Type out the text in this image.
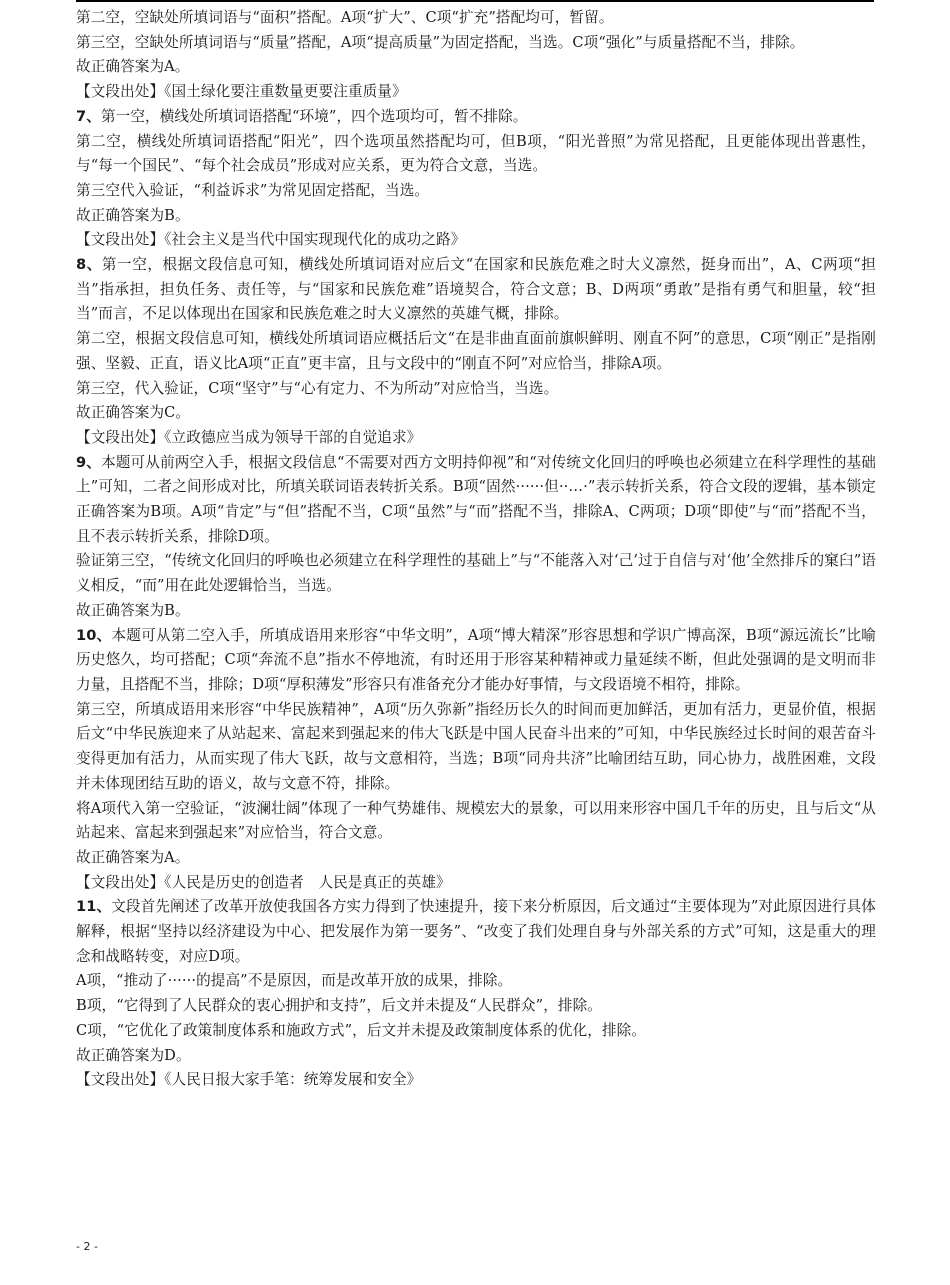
第二空，空缺处所填词语与“面积”搭配。A项“扩大”、C项“扩充”搭配均可，暂留。

第三空，空缺处所填词语与“质量”搭配，A项“提高质量”为固定搭配，当选。C项“强化”与质量搭配不当，排除。

故正确答案为A。

【文段出处】《国土绿化要注重数量更要注重质量》

7、第一空，横线处所填词语搭配“环境”，四个选项均可，暂不排除。

第二空，横线处所填词语搭配“阳光”，四个选项虽然搭配均可，但B项，“阳光普照”为常见搭配，且更能体现出普惠性，与“每一个国民”、“每个社会成员”形成对应关系，更为符合文意，当选。

第三空代入验证，“利益诉求”为常见固定搭配，当选。

故正确答案为B。

【文段出处】《社会主义是当代中国实现现代化的成功之路》

8、第一空，根据文段信息可知，横线处所填词语对应后文“在国家和民族危难之时大义凛然，挺身而出”，A、C两项“担当”指承担，担负任务、责任等，与“国家和民族危难”语境契合，符合文意；B、D两项“勇敢”是指有勇气和胆量，较“担当”而言，不足以体现出在国家和民族危难之时大义凛然的英雄气概，排除。

第二空，根据文段信息可知，横线处所填词语应概括后文“在是非曲直面前旗帜鲜明、刚直不阿”的意思，C项“刚正”是指刚强、坚毅、正直，语义比A项“正直”更丰富，且与文段中的“刚直不阿”对应恰当，排除A项。

第三空，代入验证，C项“坚守”与“心有定力、不为所动”对应恰当，当选。

故正确答案为C。

【文段出处】《立政德应当成为领导干部的自觉追求》

9、本题可从前两空入手，根据文段信息“不需要对西方文明持仰视”和“对传统文化回归的呼唤也必须建立在科学理性的基础上”可知，二者之间形成对比，所填关联词语表转折关系。B项“固然······但··…·”表示转折关系，符合文段的逻辑，基本锁定正确答案为B项。A项“肯定”与“但”搭配不当，C项“虽然”与“而”搭配不当，排除A、C两项；D项“即使”与“而”搭配不当，且不表示转折关系，排除D项。

验证第三空，“传统文化回归的呼唤也必须建立在科学理性的基础上”与“不能落入对‘己’过于自信与对‘他’全然排斥的窠臼”语义相反，“而”用在此处逻辑恰当，当选。

故正确答案为B。

10、本题可从第二空入手，所填成语用来形容“中华文明”，A项“博大精深”形容思想和学识广博高深，B项“源远流长”比喻历史悠久，均可搭配；C项“奔流不息”指水不停地流，有时还用于形容某种精神或力量延续不断，但此处强调的是文明而非力量，且搭配不当，排除；D项“厚积薄发”形容只有准备充分才能办好事情，与文段语境不相符，排除。

第三空，所填成语用来形容“中华民族精神”，A项“历久弥新”指经历长久的时间而更加鲜活，更加有活力，更显价值，根据后文“中华民族迎来了从站起来、富起来到强起来的伟大飞跃是中国人民奋斗出来的”可知，中华民族经过长时间的艰苦奋斗变得更加有活力，从而实现了伟大飞跃，故与文意相符，当选；B项“同舟共济”比喻团结互助，同心协力，战胜困难，文段并未体现团结互助的语义，故与文意不符，排除。

将A项代入第一空验证，“波澜壮阔”体现了一种气势雄伟、规模宏大的景象，可以用来形容中国几千年的历史，且与后文“从站起来、富起来到强起来”对应恰当，符合文意。

故正确答案为A。

【文段出处】《人民是历史的创造者　人民是真正的英雄》

11、文段首先阐述了改革开放使我国各方实力得到了快速提升，接下来分析原因，后文通过“主要体现为”对此原因进行具体解释，根据“坚持以经济建设为中心、把发展作为第一要务”、“改变了我们处理自身与外部关系的方式”可知，这是重大的理念和战略转变，对应D项。

A项，“推动了······的提高”不是原因，而是改革开放的成果，排除。

B项，“它得到了人民群众的衷心拥护和支持”，后文并未提及“人民群众”，排除。

C项，“它优化了政策制度体系和施政方式”，后文并未提及政策制度体系的优化，排除。

故正确答案为D。

【文段出处】《人民日报大家手笔：统筹发展和安全》

- 2 -
